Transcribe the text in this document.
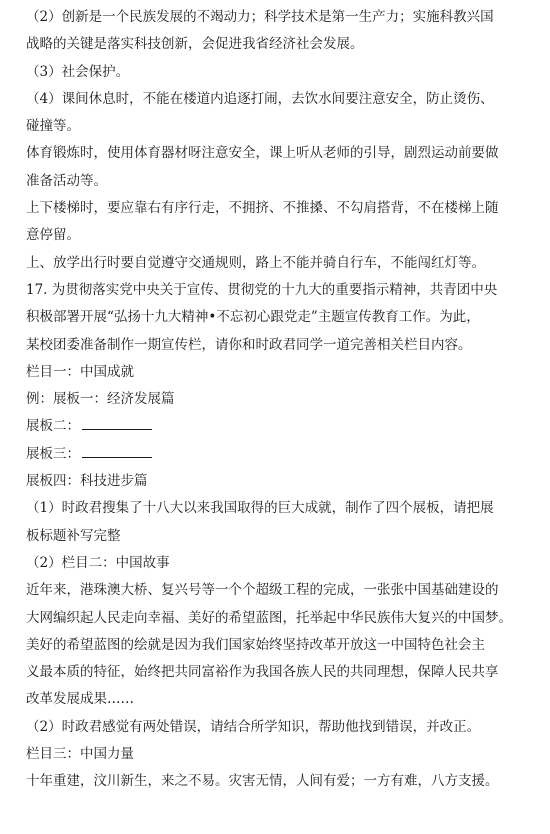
（2）创新是一个民族发展的不竭动力；科学技术是第一生产力；实施科教兴国
战略的关键是落实科技创新，会促进我省经济社会发展。
（3）社会保护。
（4）课间休息时，不能在楼道内追逐打闹，去饮水间要注意安全，防止烫伤、
碰撞等。
体育锻炼时，使用体育器材呀注意安全，课上听从老师的引导，剧烈运动前要做
准备活动等。
上下楼梯时，要应靠右有序行走，不拥挤、不推搡、不勾肩搭背，不在楼梯上随
意停留。
上、放学出行时要自觉遵守交通规则，路上不能并骑自行车，不能闯红灯等。
17. 为贯彻落实党中央关于宣传、贯彻党的十九大的重要指示精神，共青团中央
积极部署开展“弘扬十九大精神•不忘初心跟党走”主题宣传教育工作。为此，
某校团委准备制作一期宣传栏，请你和时政君同学一道完善相关栏目内容。
栏目一：中国成就
例：展板一：经济发展篇
展板二：
展板三：
展板四：科技进步篇
（1）时政君搜集了十八大以来我国取得的巨大成就，制作了四个展板，请把展
板标题补写完整
（2）栏目二：中国故事
近年来，港珠澳大桥、复兴号等一个个超级工程的完成，一张张中国基础建设的
大网编织起人民走向幸福、美好的希望蓝图，托举起中华民族伟大复兴的中国梦。
美好的希望蓝图的绘就是因为我们国家始终坚持改革开放这一中国特色社会主
义最本质的特征，始终把共同富裕作为我国各族人民的共同理想，保障人民共享
改革发展成果……
（2）时政君感觉有两处错误，请结合所学知识，帮助他找到错误，并改正。
栏目三：中国力量
十年重建，汶川新生，来之不易。灾害无情，人间有爱；一方有难，八方支援。
